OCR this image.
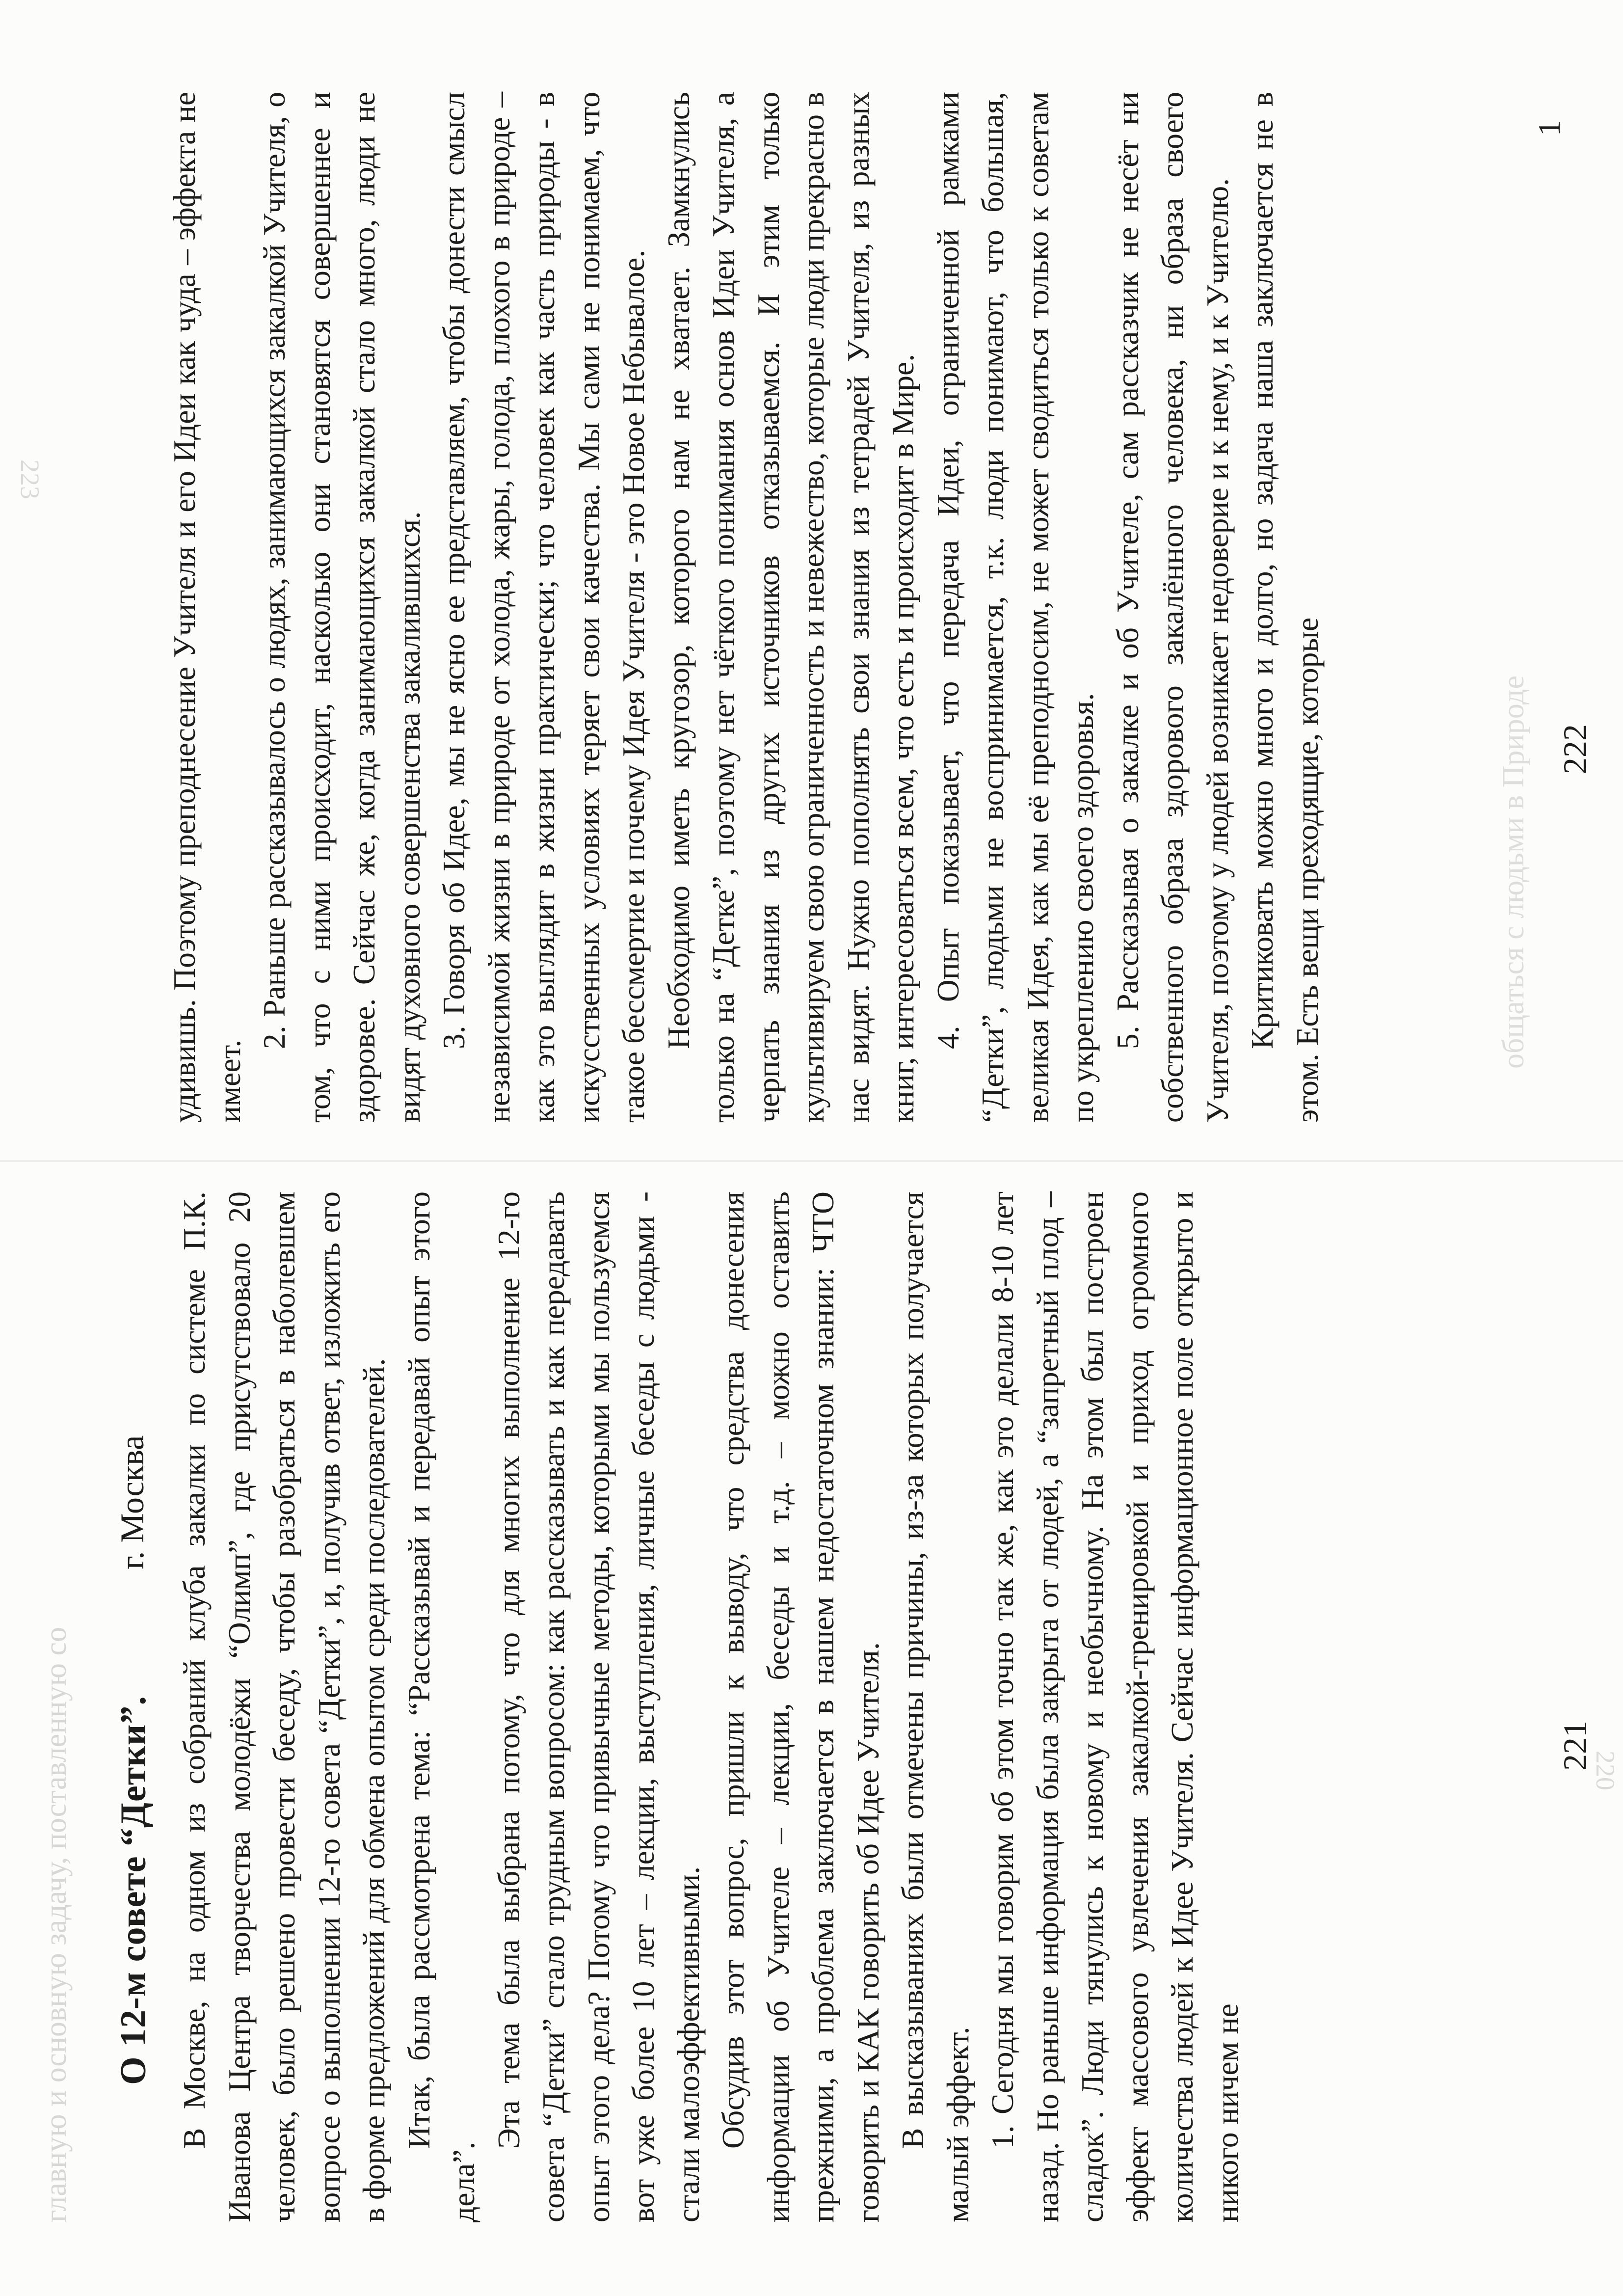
главную и основную задачу, поставленную со
общаться с людьми в Природе
220
223
О 12-м совете “Детки”.
г. Москва В Москве, на одном из собраний клуба закалки по системе П.К. Иванова Центра творчества молодёжи “Олимп”, где присутствовало 20 человек, было решено провести беседу, чтобы разобраться в наболевшем вопросе о выполнении 12-го совета “Детки”, и, получив ответ, изложить его в форме предложений для обмена опытом среди последователей. Итак, была рассмотрена тема: “Рассказывай и передавай опыт этого дела”.

Эта тема была выбрана потому, что для многих выполнение 12-го совета “Детки” стало трудным вопросом: как рассказывать и как передавать опыт этого дела? Потому что привычные методы, которыми мы пользуемся вот уже более 10 лет – лекции, выступления, личные беседы с людьми - стали малоэффективными. Обсудив этот вопрос, пришли к выводу, что средства донесения информации об Учителе – лекции, беседы и т.д. – можно оставить прежними, а проблема заключается в нашем недостаточном знании: ЧТО говорить и КАК говорить об Идее Учителя. В высказываниях были отмечены причины, из-за которых получается малый эффект. 1. Сегодня мы говорим об этом точно так же, как это делали 8-10 лет назад. Но раньше информация была закрыта от людей, а “запретный плод – сладок”. Люди тянулись к новому и необычному. На этом был построен эффект массового увлечения закалкой-тренировкой и приход огромного количества людей к Идее Учителя. Сейчас информационное поле открыто и никого ничем не

удивишь. Поэтому преподнесение Учителя и его Идеи как чуда – эффекта не имеет.

2. Раньше рассказывалось о людях, занимающихся закалкой Учителя, о том, что с ними происходит, насколько они становятся совершеннее и здоровее. Сейчас же, когда занимающихся закалкой стало много, люди не видят духовного совершенства закалившихся. 3. Говоря об Идее, мы не ясно ее представляем, чтобы донести смысл независимой жизни в природе от холода, жары, голода, плохого в природе – как это выглядит в жизни практически; что человек как часть природы - в искусственных условиях теряет свои качества. Мы сами не понимаем, что такое бессмертие и почему Идея Учителя - это Новое Небывалое. Необходимо иметь кругозор, которого нам не хватает. Замкнулись только на “Детке”, поэтому нет чёткого понимания основ Идеи Учителя, а черпать знания из других источников отказываемся. И этим только культивируем свою ограниченность и невежество, которые люди прекрасно в нас видят. Нужно пополнять свои знания из тетрадей Учителя, из разных книг, интересоваться всем, что есть и происходит в Мире. 4. Опыт показывает, что передача Идеи, ограниченной рамками “Детки”, людьми не воспринимается, т.к. люди понимают, что большая, великая Идея, как мы её преподносим, не может сводиться только к советам по укреплению своего здоровья. 5. Рассказывая о закалке и об Учителе, сам рассказчик не несёт ни собственного образа здорового закалённого человека, ни образа своего Учителя, поэтому у людей возникает недоверие и к нему, и к Учителю. Критиковать можно много и долго, но задача наша заключается не в этом. Есть вещи преходящие, которые

221
222
1
